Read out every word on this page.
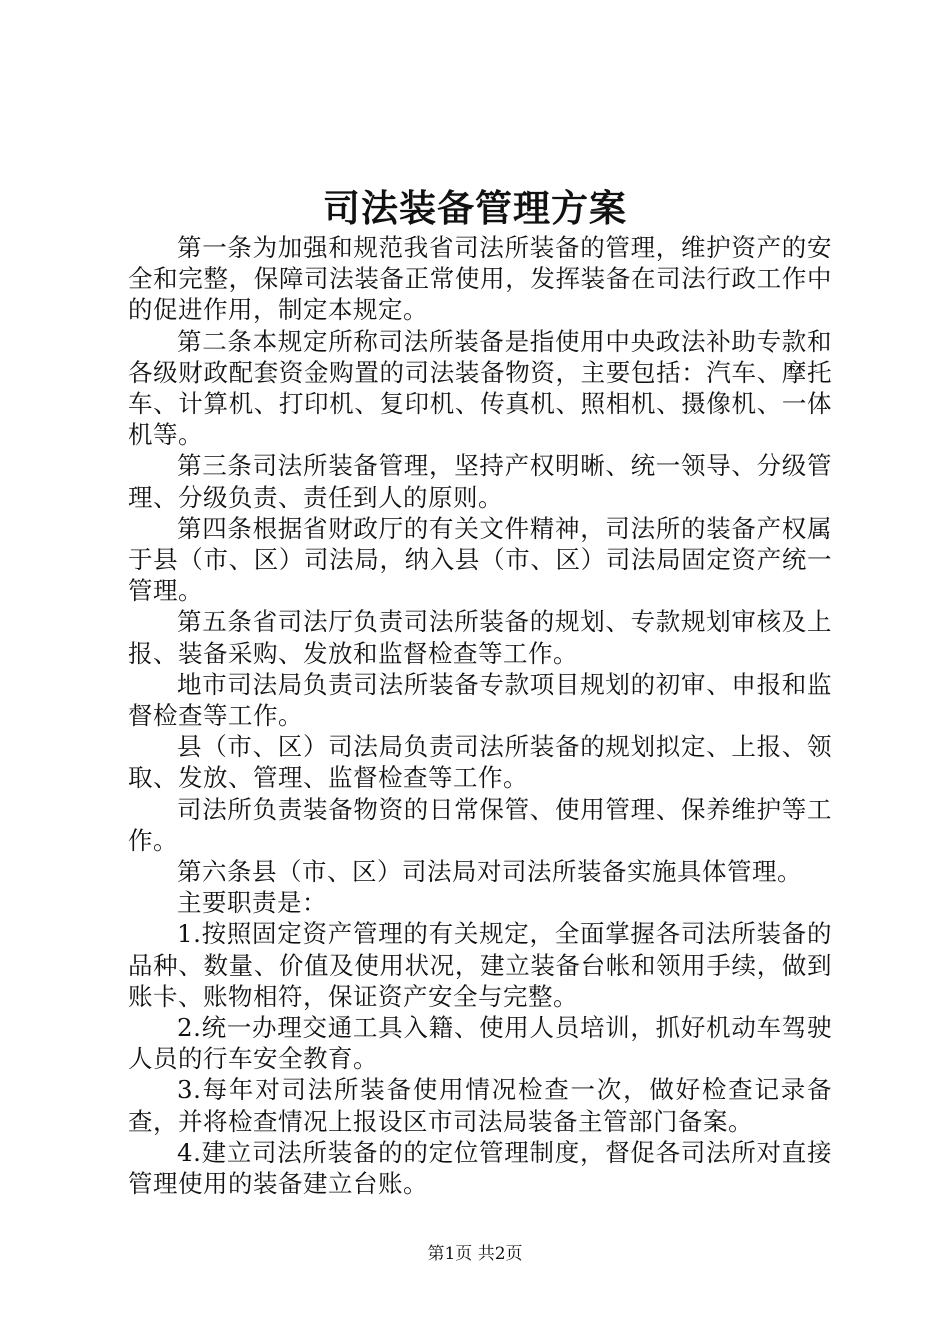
司法装备管理方案

第一条为加强和规范我省司法所装备的管理，维护资产的安全和完整，保障司法装备正常使用，发挥装备在司法行政工作中的促进作用，制定本规定。

第二条本规定所称司法所装备是指使用中央政法补助专款和各级财政配套资金购置的司法装备物资，主要包括：汽车、摩托车、计算机、打印机、复印机、传真机、照相机、摄像机、一体机等。

第三条司法所装备管理，坚持产权明晰、统一领导、分级管理、分级负责、责任到人的原则。

第四条根据省财政厅的有关文件精神，司法所的装备产权属于县（市、区）司法局，纳入县（市、区）司法局固定资产统一管理。

第五条省司法厅负责司法所装备的规划、专款规划审核及上报、装备采购、发放和监督检查等工作。

地市司法局负责司法所装备专款项目规划的初审、申报和监督检查等工作。

县（市、区）司法局负责司法所装备的规划拟定、上报、领取、发放、管理、监督检查等工作。

司法所负责装备物资的日常保管、使用管理、保养维护等工作。

第六条县（市、区）司法局对司法所装备实施具体管理。

主要职责是：

1.按照固定资产管理的有关规定，全面掌握各司法所装备的品种、数量、价值及使用状况，建立装备台帐和领用手续，做到账卡、账物相符，保证资产安全与完整。

2.统一办理交通工具入籍、使用人员培训，抓好机动车驾驶人员的行车安全教育。

3.每年对司法所装备使用情况检查一次，做好检查记录备查，并将检查情况上报设区市司法局装备主管部门备案。

4.建立司法所装备的的定位管理制度，督促各司法所对直接管理使用的装备建立台账。

第1页 共2页
